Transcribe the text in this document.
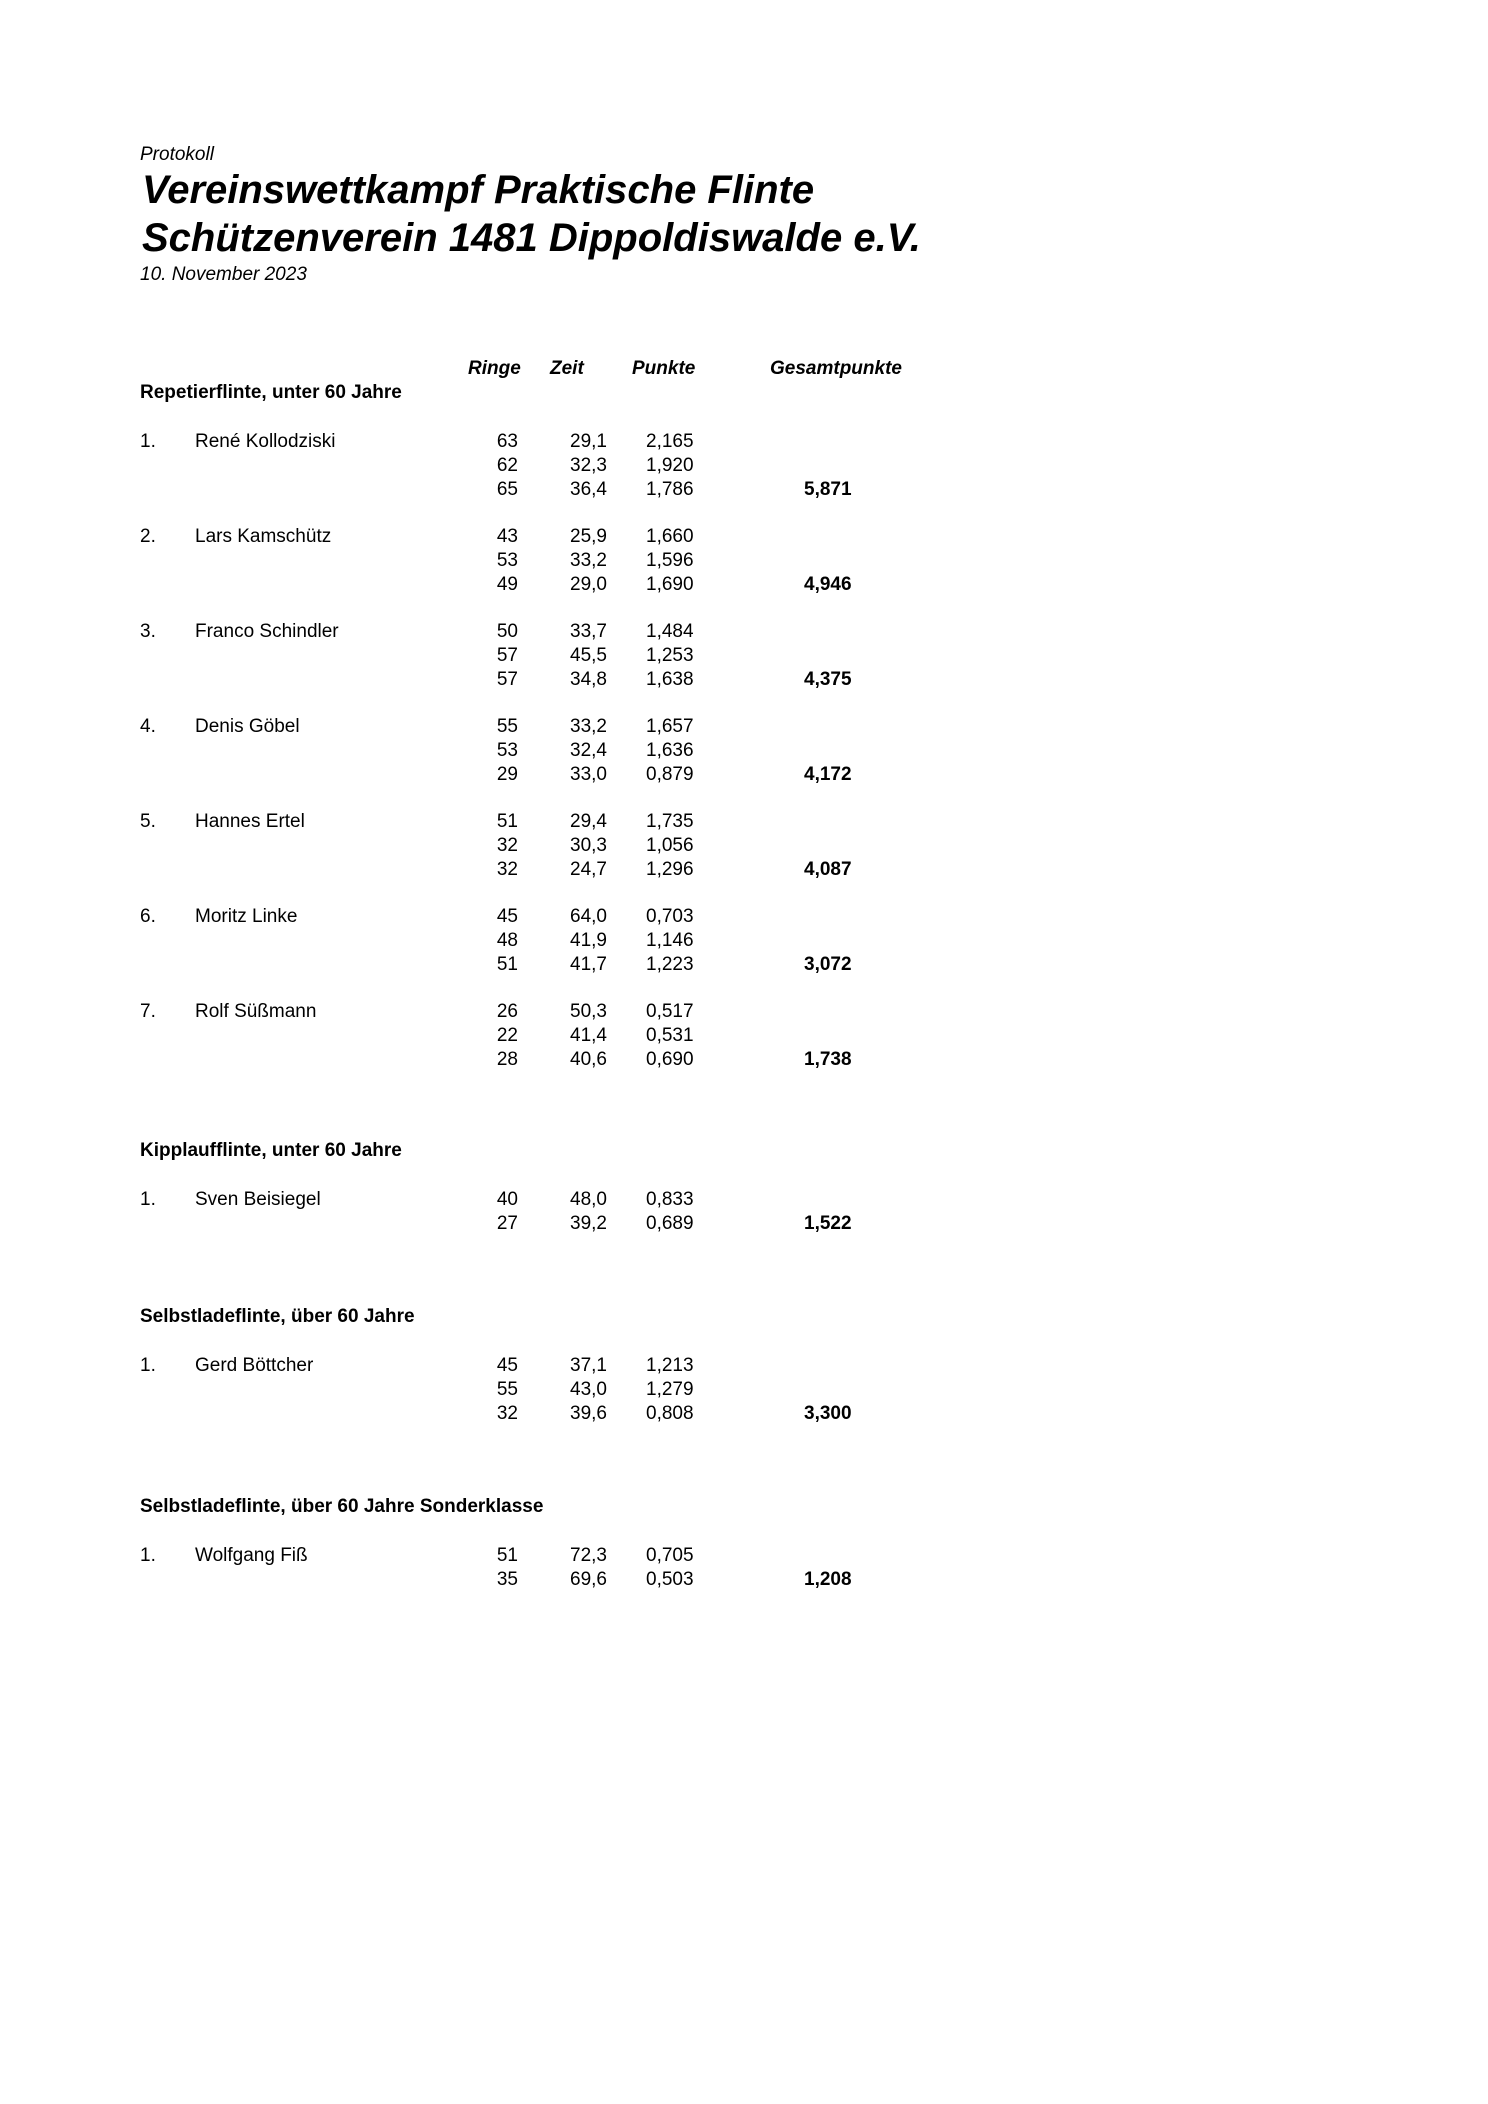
Protokoll
Vereinswettkampf Praktische Flinte
Schützenverein 1481 Dippoldiswalde e.V.
10. November 2023
Ringe Zeit	Punkte	Gesamtpunkte
Repetierflinte, unter 60 Jahre
1. René Kollodziski	63	29,1 2,165
62	32,3 1,920
65	36,4 1,786	5,871
2. Lars Kamschütz	43	25,9 1,660
53	33,2 1,596
49	29,0 1,690	4,946
3. Franco Schindler	50	33,7 1,484
57	45,5 1,253
57	34,8 1,638	4,375
4. Denis Göbel	55	33,2 1,657
53	32,4 1,636
29	33,0 0,879	4,172
5. Hannes Ertel	51	29,4 1,735
32	30,3 1,056
32	24,7 1,296	4,087
6. Moritz Linke	45	64,0 0,703
48	41,9 1,146
51	41,7 1,223	3,072
7. Rolf Süßmann	26	50,3 0,517
22	41,4 0,531
28	40,6 0,690	1,738
Kipplaufflinte, unter 60 Jahre
1. Sven Beisiegel	40	48,0 0,833
27	39,2 0,689	1,522
Selbstladeflinte, über 60 Jahre
1. Gerd Böttcher	45	37,1 1,213
55	43,0 1,279
32	39,6 0,808	3,300
Selbstladeflinte, über 60 Jahre Sonderklasse
1. Wolfgang Fiß	51	72,3 0,705
35	69,6 0,503	1,208
